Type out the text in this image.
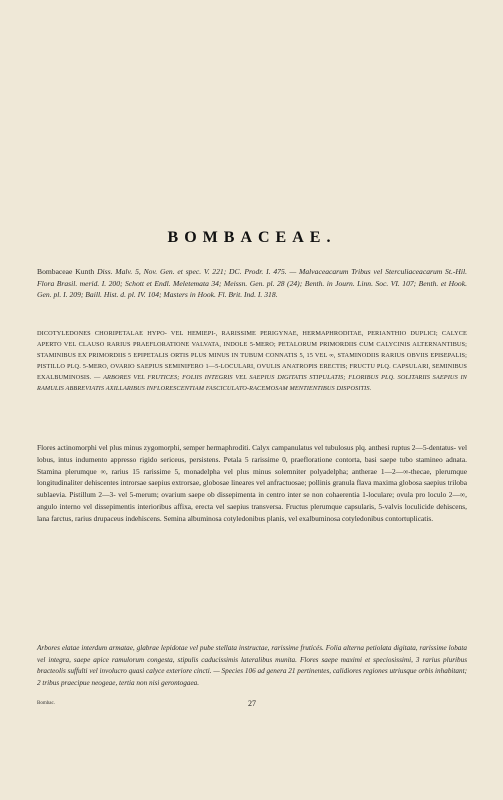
BOMBACEAE.
Bombaceae Kunth Diss. Malv. 5, Nov. Gen. et spec. V. 221; DC. Prodr. I. 475. — Malvaceacarum Tribus vel Sterculiaceacarum St.-Hil. Flora Brasil. merid. I. 200; Schott et Endl. Meletemata 34; Meissn. Gen. pl. 28 (24); Benth. in Journ. Linn. Soc. VI. 107; Benth. et Hook. Gen. pl. I. 209; Baill. Hist. d. pl. IV. 104; Masters in Hook. Fl. Brit. Ind. I. 318.
DICOTYLEDONES CHORIPETALAE HYPO- VEL HEMIEPI-, RARISSIME PERIGYNAE, HERMAPHRODITAE, PERIANTHIO DUPLICI; CALYCE APERTO VEL CLAUSO RARIUS PRAEFLORATIONE VALVATA, INDOLE 5-MERO; PETALORUM PRIMORDIIS CUM CALYCINIS ALTERNANTIBUS; STAMINIBUS EX PRIMORDIIS 5 EPIPETALIS ORTIS PLUS MINUS IN TUBUM CONNATIS 5, 15 VEL ∞, STAMINODIIS RARIUS OBVIIS EPISEPALIS; PISTILLO PLQ. 5-MERO, OVARIO SAEPIUS SEMINIFERO 1—5-LOCULARI, OVULIS ANATROPIS ERECTIS; FRUCTU PLQ. CAPSULARI, SEMINIBUS EXALBUMINOSIS. — ARBORES VEL FRUTICES; FOLIIS INTEGRIS VEL SAEPIUS DIGITATIS STIPULATIS; FLORIBUS PLQ. SOLITARIIS SAEPIUS IN RAMULIS ABBREVIATIS AXILLARIBUS INFLORESCENTIAM FASCICULATO-RACEMOSAM MENTIENTIBUS DISPOSITIS.
Flores actinomorphi vel plus minus zygomorphi, semper hermaphroditi. Calyx campanulatus vel tubulosus plq. anthesi ruptus 2—5-dentatus- vel lobus, intus indumento appresso rigido sericeus, persistens. Petala 5 rarissime 0, praefloratione contorta, basi saepe tubo stamineo adnata. Stamina plerumque ∞, rarius 15 rarissime 5, monadelpha vel plus minus solemniter polyadelpha; antherae 1—2—∞-thecae, plerumque longitudinaliter dehiscentes introrsae saepius extrorsae, globosae lineares vel anfractuosae; pollinis granula flava maxima globosa saepius triloba sublaevia. Pistillum 2—3- vel 5-merum; ovarium saepe ob dissepimenta in centro inter se non cohaerentia 1-loculare; ovula pro loculo 2—∞, angulo interno vel dissepimentis interioribus affixa, erecta vel saepius transversa. Fructus plerumque capsularis, 5-valvis loculicide dehiscens, lana farctus, rarius drupaceus indehiscens. Semina albuminosa cotyledonibus planis, vel exalbuminosa cotyledonibus contortuplicatis.
Arbores elatae interdum armatae, glabrae lepidotae vel pube stellata instructae, rarissime fruticés. Folia alterna petiolata digitata, rarissime lobata vel integra, saepe apice ramulorum congesta, stipulis caducissimis lateralibus munita. Flores saepe maximi et speciosissimi, 3 rarius pluribus bracteolis suffulti vel involucro quasi calyce exteriore cincti. — Species 106 ad genera 21 pertinentes, calidiores regiones utriusque orbis inhabitant; 2 tribus praecipue neogeae, tertia non nisi gerontogaea.
Bombac.	27
